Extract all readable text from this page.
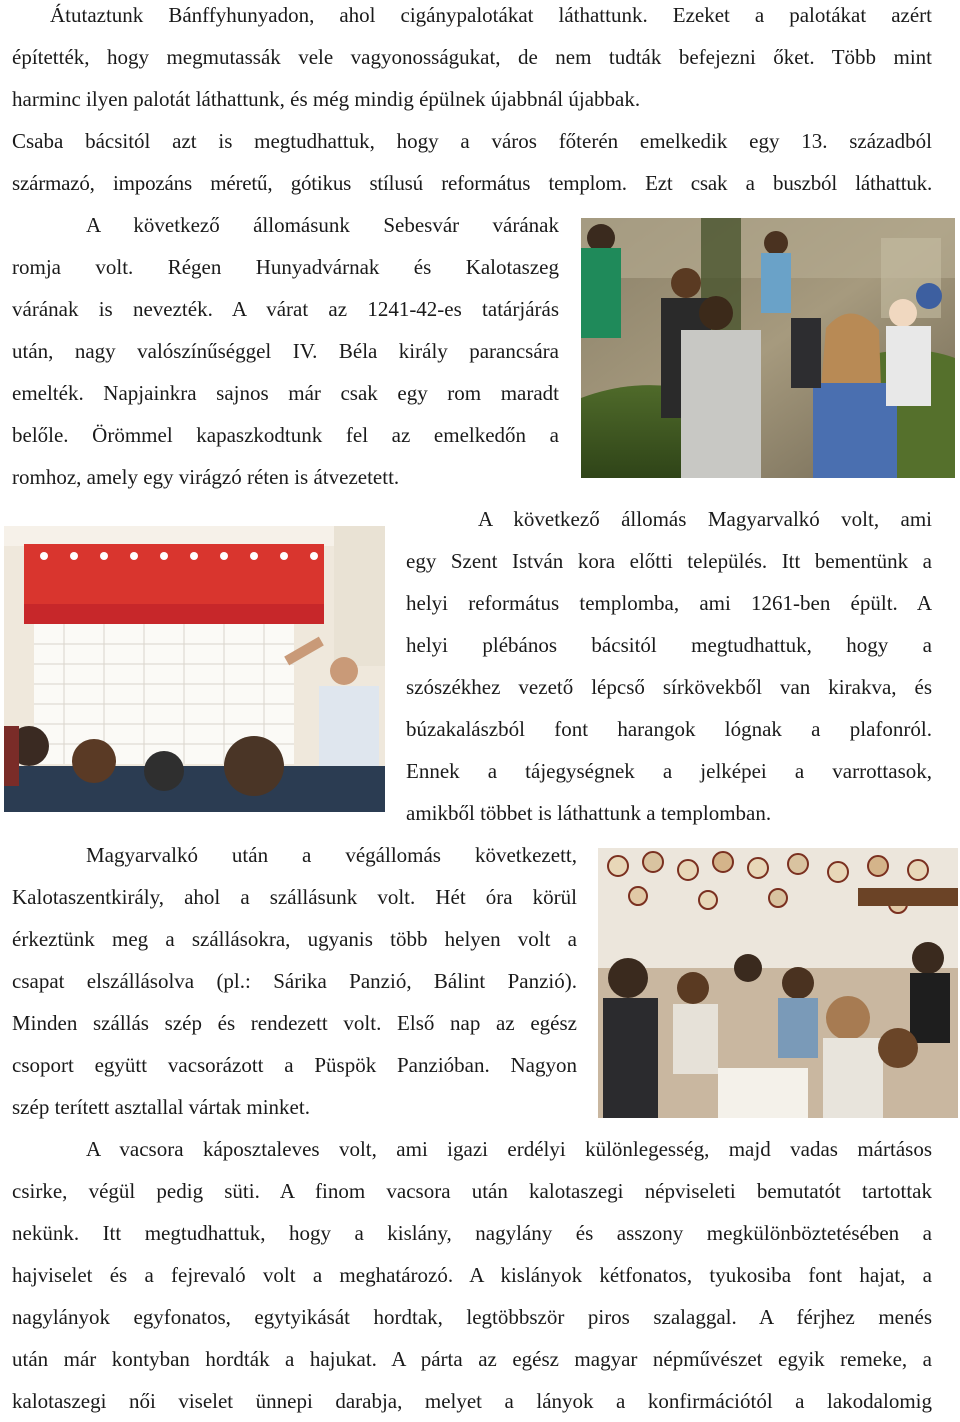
Átutaztunk Bánffyhunyadon, ahol cigánypalotákat láthattunk. Ezeket a palotákat azért
építették, hogy megmutassák vele vagyonosságukat, de nem tudták befejezni őket. Több mint
harminc ilyen palotát láthattunk, és még mindig épülnek újabbnál újabbak.
Csaba bácsitól azt is megtudhattuk, hogy a város főterén emelkedik egy 13. századból
származó, impozáns méretű, gótikus stílusú református templom. Ezt csak a buszból láthattuk.
A következő állomásunk Sebesvár várának
romja volt. Régen Hunyadvárnak és Kalotaszeg
várának is nevezték. A várat az 1241-42-es tatárjárás
után, nagy valószínűséggel IV. Béla király parancsára
emelték. Napjainkra sajnos már csak egy rom maradt
belőle. Örömmel kapaszkodtunk fel az emelkedőn a
romhoz, amely egy virágzó réten is átvezetett.
A következő állomás Magyarvalkó volt, ami
egy Szent István kora előtti település. Itt bementünk a
helyi református templomba, ami 1261-ben épült. A
helyi plébános bácsitól megtudhattuk, hogy a
szószékhez vezető lépcső sírkövekből van kirakva, és
búzakalászból font harangok lógnak a plafonról.
Ennek a tájegységnek a jelképei a varrottasok,
amikből többet is láthattunk a templomban.
Magyarvalkó után a végállomás következett,
Kalotaszentkirály, ahol a szállásunk volt. Hét óra körül
érkeztünk meg a szállásokra, ugyanis több helyen volt a
csapat elszállásolva (pl.: Sárika Panzió, Bálint Panzió).
Minden szállás szép és rendezett volt. Első nap az egész
csoport együtt vacsorázott a Püspök Panzióban. Nagyon
szép terített asztallal vártak minket.
A vacsora káposztaleves volt, ami igazi erdélyi különlegesség, majd vadas mártásos
csirke, végül pedig süti. A finom vacsora után kalotaszegi népviseleti bemutatót tartottak
nekünk. Itt megtudhattuk, hogy a kislány, nagylány és asszony megkülönböztetésében a
hajviselet és a fejrevaló volt a meghatározó. A kislányok kétfonatos, tyukosiba font hajat, a
nagylányok egyfonatos, egytyikását hordtak, legtöbbször piros szalaggal. A férjhez menés
után már kontyban hordták a hajukat. A párta az egész magyar népművészet egyik remeke, a
kalotaszegi női viselet ünnepi darabja, melyet a lányok a konfirmációtól a lakodalomig
